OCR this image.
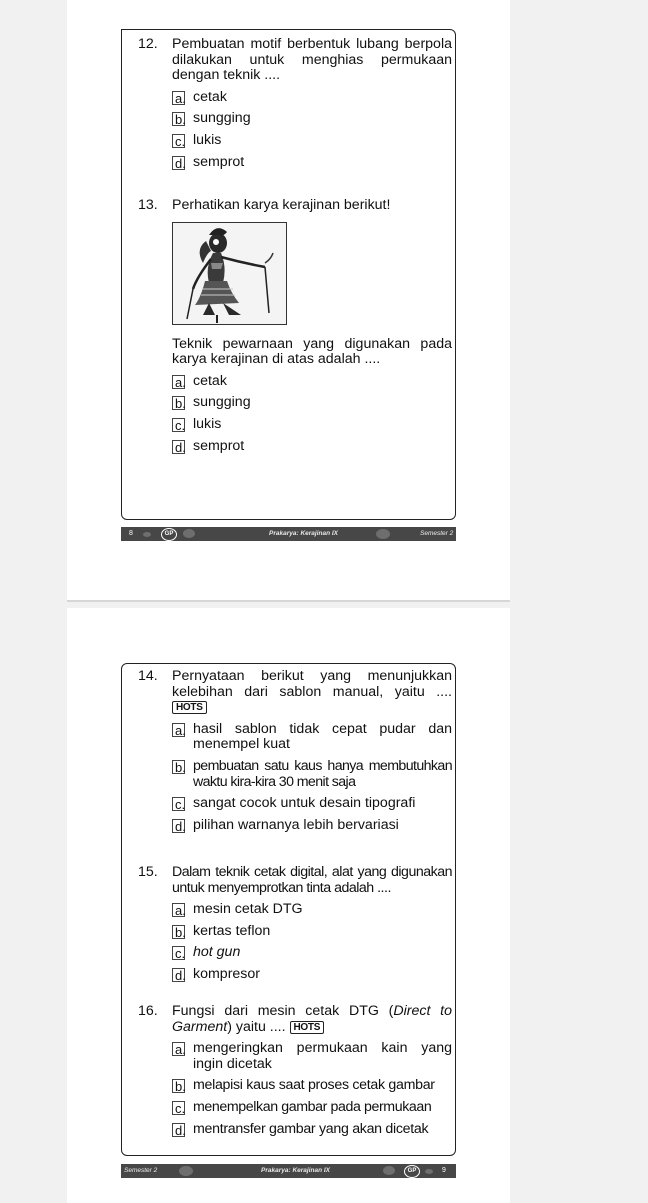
12.	Pembuatan motif berbentuk lubang berpola dilakukan untuk menghias permukaan dengan teknik ....
a. cetak
b. sungging
c. lukis
d. semprot
13.	Perhatikan karya kerajinan berikut!
Teknik pewarnaan yang digunakan pada karya kerajinan di atas adalah ....
a. cetak
b. sungging
c. lukis
d. semprot
8	GP	Prakarya: Kerajinan IX	Semester 2
14.	Pernyataan berikut yang menunjukkan kelebihan dari sablon manual, yaitu .... HOTS
a. hasil sablon tidak cepat pudar dan menempel kuat
b. pembuatan satu kaus hanya membutuhkan waktu kira-kira 30 menit saja
c. sangat cocok untuk desain tipografi
d. pilihan warnanya lebih bervariasi
15.	Dalam teknik cetak digital, alat yang digunakan untuk menyemprotkan tinta adalah ....
a. mesin cetak DTG
b. kertas teflon
c. hot gun
d. kompresor
16.	Fungsi dari mesin cetak DTG (Direct to Garment) yaitu .... HOTS
a. mengeringkan permukaan kain yang ingin dicetak
b. melapisi kaus saat proses cetak gambar
c. menempelkan gambar pada permukaan
d. mentransfer gambar yang akan dicetak
Semester 2	Prakarya: Kerajinan IX	GP	9
